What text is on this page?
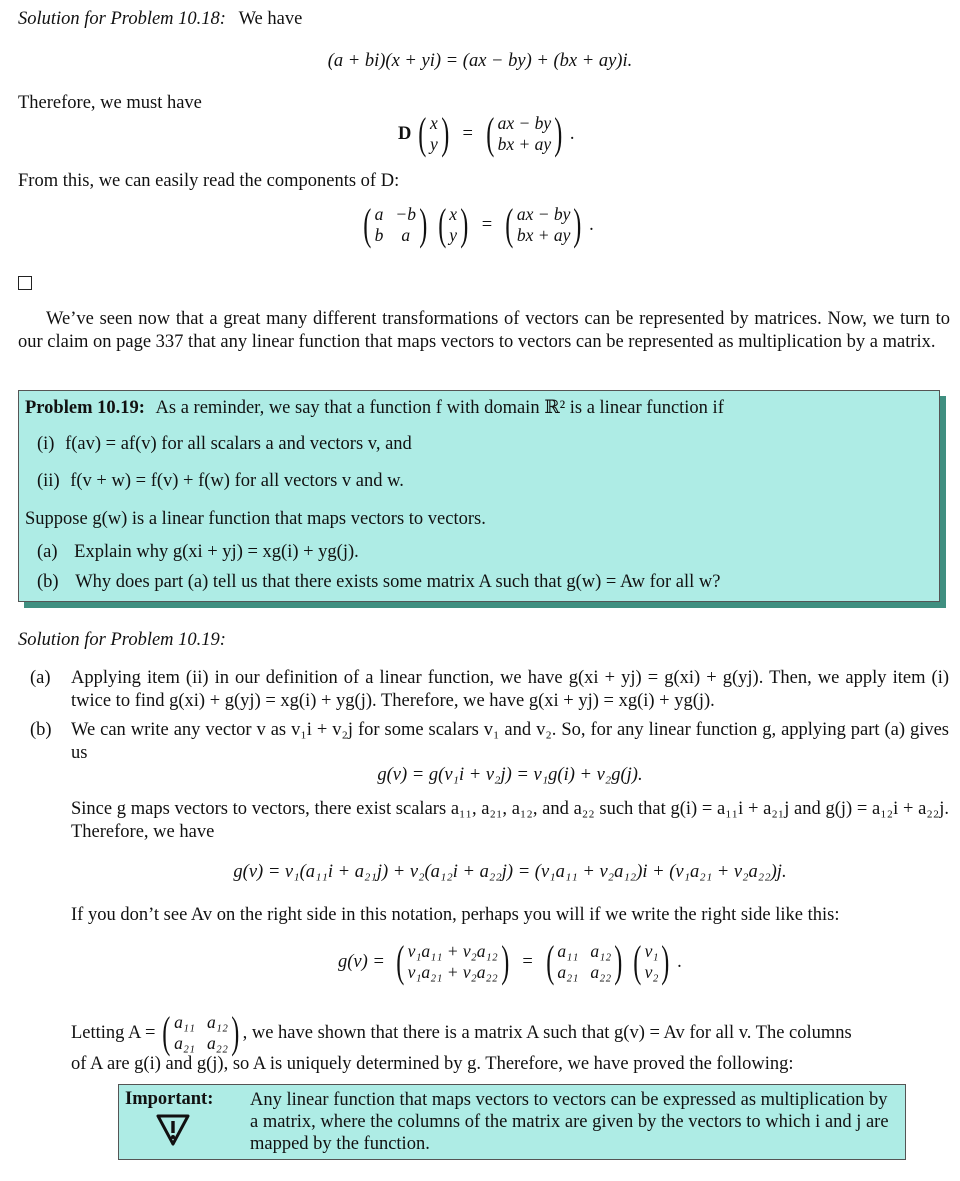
Solution for Problem 10.18: We have
(a + bi)(x + yi) = (ax − by) + (bx + ay)i.
Therefore, we must have
D ( x
y ) = ( ax − by
bx + ay ) .
From this, we can easily read the components of D:
( a −b
b	a ) ( x
y ) = ( ax − by
bx + ay ) .
We’ve seen now that a great many different transformations of vectors can be represented by matrices. Now, we turn to our claim on page 337 that any linear function that maps vectors to vectors can be represented as multiplication by a matrix.
Problem 10.19: As a reminder, we say that a function f with domain ℝ² is a linear function if
(i) f(av) = af(v) for all scalars a and vectors v, and
(ii) f(v + w) = f(v) + f(w) for all vectors v and w.
Suppose g(w) is a linear function that maps vectors to vectors.
(a) Explain why g(xi + yj) = xg(i) + yg(j).
(b) Why does part (a) tell us that there exists some matrix A such that g(w) = Aw for all w?
Solution for Problem 10.19:
(a) Applying item (ii) in our definition of a linear function, we have g(xi + yj) = g(xi) + g(yj). Then, we apply item (i) twice to find g(xi) + g(yj) = xg(i) + yg(j). Therefore, we have g(xi + yj) = xg(i) + yg(j).
(b) We can write any vector v as v₁i + v₂j for some scalars v₁ and v₂. So, for any linear function g, applying part (a) gives us
g(v) = g(v₁i + v₂j) = v₁g(i) + v₂g(j).
Since g maps vectors to vectors, there exist scalars a₁₁, a₂₁, a₁₂, and a₂₂ such that g(i) = a₁₁i + a₂₁j and g(j) = a₁₂i + a₂₂j. Therefore, we have
g(v) = v₁(a₁₁i + a₂₁j) + v₂(a₁₂i + a₂₂j) = (v₁a₁₁ + v₂a₁₂)i + (v₁a₂₁ + v₂a₂₂)j.
If you don’t see Av on the right side in this notation, perhaps you will if we write the right side like this:
g(v) = ( v₁a₁₁ + v₂a₁₂
v₁a₂₁ + v₂a₂₂ ) = ( a₁₁ a₁₂
a₂₁ a₂₂ ) ( v₁
v₂ ) .
Letting A = ( a₁₁ a₁₂
a₂₁ a₂₂ ) , we have shown that there is a matrix A such that g(v) = Av for all v. The columns
of A are g(i) and g(j), so A is uniquely determined by g. Therefore, we have proved the following:
Important: Any linear function that maps vectors to vectors can be expressed as multiplication by a matrix, where the columns of the matrix are given by the vectors to which i and j are mapped by the function.
